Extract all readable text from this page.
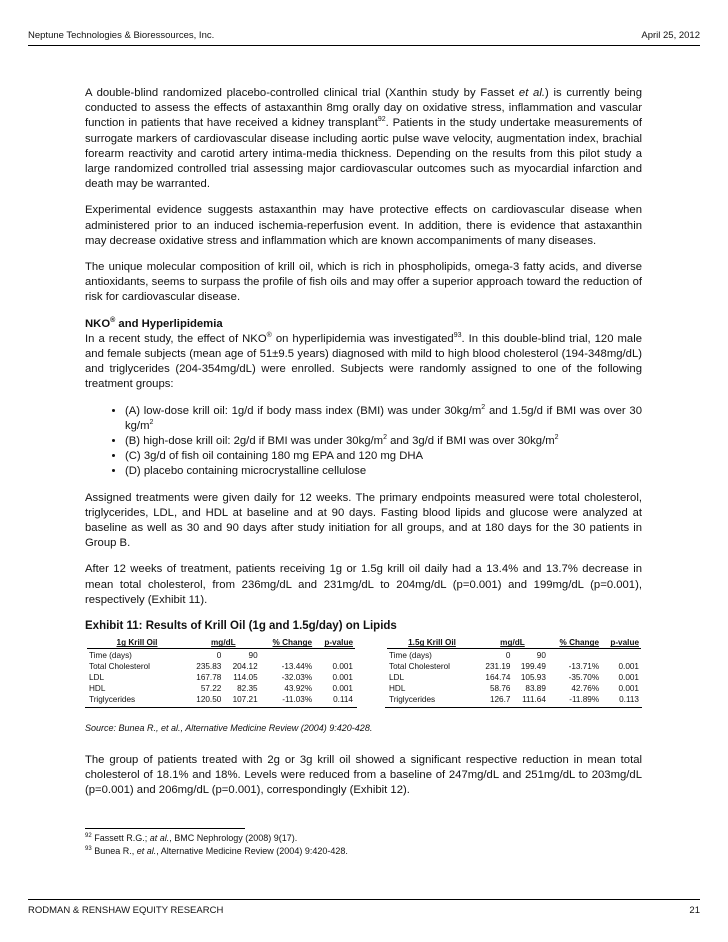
Neptune Technologies & Bioressources, Inc.	April 25, 2012

A double-blind randomized placebo-controlled clinical trial (Xanthin study by Fasset et al.) is currently being conducted to assess the effects of astaxanthin 8mg orally day on oxidative stress, inflammation and vascular function in patients that have received a kidney transplant$^{92}$. Patients in the study undertake measurements of surrogate markers of cardiovascular disease including aortic pulse wave velocity, augmentation index, brachial forearm reactivity and carotid artery intima-media thickness. Depending on the results from this pilot study a large randomized controlled trial assessing major cardiovascular outcomes such as myocardial infarction and death may be warranted.

Experimental evidence suggests astaxanthin may have protective effects on cardiovascular disease when administered prior to an induced ischemia-reperfusion event. In addition, there is evidence that astaxanthin may decrease oxidative stress and inflammation which are known accompaniments of many diseases.

The unique molecular composition of krill oil, which is rich in phospholipids, omega-3 fatty acids, and diverse antioxidants, seems to surpass the profile of fish oils and may offer a superior approach toward the reduction of risk for cardiovascular disease.

NKO® and Hyperlipidemia

In a recent study, the effect of NKO® on hyperlipidemia was investigated$^{93}$. In this double-blind trial, 120 male and female subjects (mean age of 51±9.5 years) diagnosed with mild to high blood cholesterol (194-348mg/dL) and triglycerides (204-354mg/dL) were enrolled. Subjects were randomly assigned to one of the following treatment groups:

• (A) low-dose krill oil: 1g/d if body mass index (BMI) was under $30kg/m^2$ and 1.5g/d if BMI was over 30 $kg/m^2$
• (B) high-dose krill oil: 2g/d if BMI was under $30kg/m^2$ and 3g/d if BMI was over $30kg/m^2$
• (C) 3g/d of fish oil containing 180 mg EPA and 120 mg DHA
• (D) placebo containing microcrystalline cellulose

Assigned treatments were given daily for 12 weeks. The primary endpoints measured were total cholesterol, triglycerides, LDL, and HDL at baseline and at 90 days. Fasting blood lipids and glucose were analyzed at baseline as well as 30 and 90 days after study initiation for all groups, and at 180 days for the 30 patients in Group B.

After 12 weeks of treatment, patients receiving 1g or 1.5g krill oil daily had a 13.4% and 13.7% decrease in mean total cholesterol, from 236mg/dL and 231mg/dL to 204mg/dL (p=0.001) and 199mg/dL (p=0.001), respectively (Exhibit 11).

Exhibit 11: Results of Krill Oil (1g and 1.5g/day) on Lipids
1g Krill Oil	mg/dL		% Change	p-value
Time (days)	0	90		
Total Cholesterol	235.83	204.12	-13.44%	0.001
LDL	167.78	114.05	-32.03%	0.001
HDL	57.22	82.35	43.92%	0.001
Triglycerides	120.50	107.21	-11.03%	0.114
1.5g Krill Oil	mg/dL		% Change	p-value
Time (days)	0	90		
Total Cholesterol	231.19	199.49	-13.71%	0.001
LDL	164.74	105.93	-35.70%	0.001
HDL	58.76	83.89	42.76%	0.001
Triglycerides	126.7	111.64	-11.89%	0.113
Source: Bunea R., et al., Alternative Medicine Review (2004) 9:420-428.

The group of patients treated with 2g or 3g krill oil showed a significant respective reduction in mean total cholesterol of 18.1% and 18%. Levels were reduced from a baseline of 247mg/dL and 251mg/dL to 203mg/dL (p=0.001) and 206mg/dL (p=0.001), correspondingly (Exhibit 12).

$^{92}$ Fassett R.G.; at al., BMC Nephrology (2008) 9(17).
$^{93}$ Bunea R., et al., Alternative Medicine Review (2004) 9:420-428.
RODMAN & RENSHAW EQUITY RESEARCH	21
